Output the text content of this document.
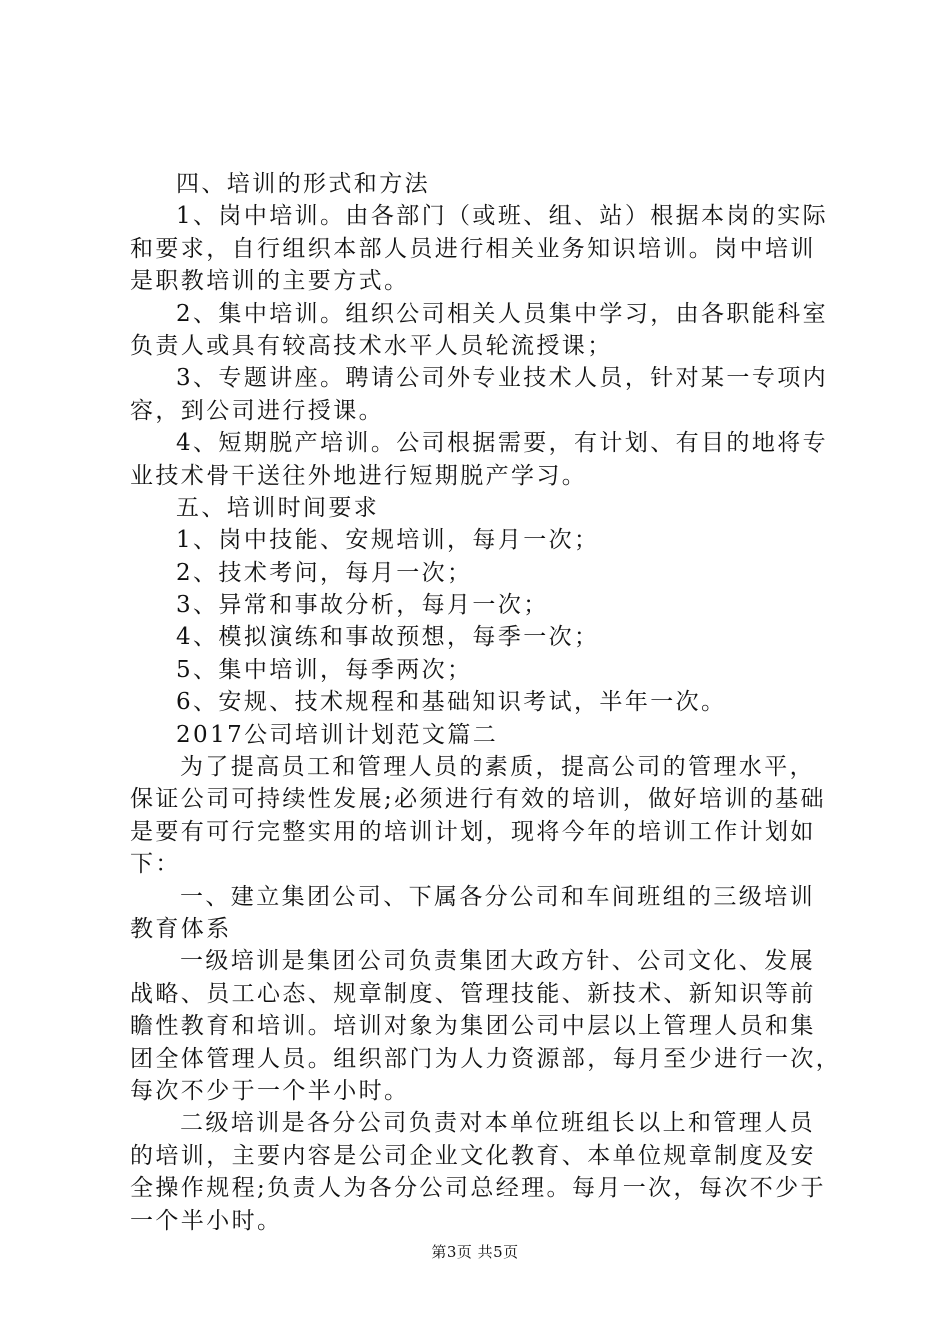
四、培训的形式和方法
1、岗中培训。由各部门（或班、组、站）根据本岗的实际
和要求，自行组织本部人员进行相关业务知识培训。岗中培训
是职教培训的主要方式。
2、集中培训。组织公司相关人员集中学习，由各职能科室
负责人或具有较高技术水平人员轮流授课；
3、专题讲座。聘请公司外专业技术人员，针对某一专项内
容，到公司进行授课。
4、短期脱产培训。公司根据需要，有计划、有目的地将专
业技术骨干送往外地进行短期脱产学习。
五、培训时间要求
1、岗中技能、安规培训，每月一次；
2、技术考问，每月一次；
3、异常和事故分析，每月一次；
4、模拟演练和事故预想，每季一次；
5、集中培训，每季两次；
6、安规、技术规程和基础知识考试，半年一次。
2017公司培训计划范文篇二
为了提高员工和管理人员的素质，提高公司的管理水平，
保证公司可持续性发展;必须进行有效的培训，做好培训的基础
是要有可行完整实用的培训计划，现将今年的培训工作计划如
下：
一、建立集团公司、下属各分公司和车间班组的三级培训
教育体系
一级培训是集团公司负责集团大政方针、公司文化、发展
战略、员工心态、规章制度、管理技能、新技术、新知识等前
瞻性教育和培训。培训对象为集团公司中层以上管理人员和集
团全体管理人员。组织部门为人力资源部，每月至少进行一次，
每次不少于一个半小时。
二级培训是各分公司负责对本单位班组长以上和管理人员
的培训，主要内容是公司企业文化教育、本单位规章制度及安
全操作规程;负责人为各分公司总经理。每月一次，每次不少于
一个半小时。
第3页 共5页
